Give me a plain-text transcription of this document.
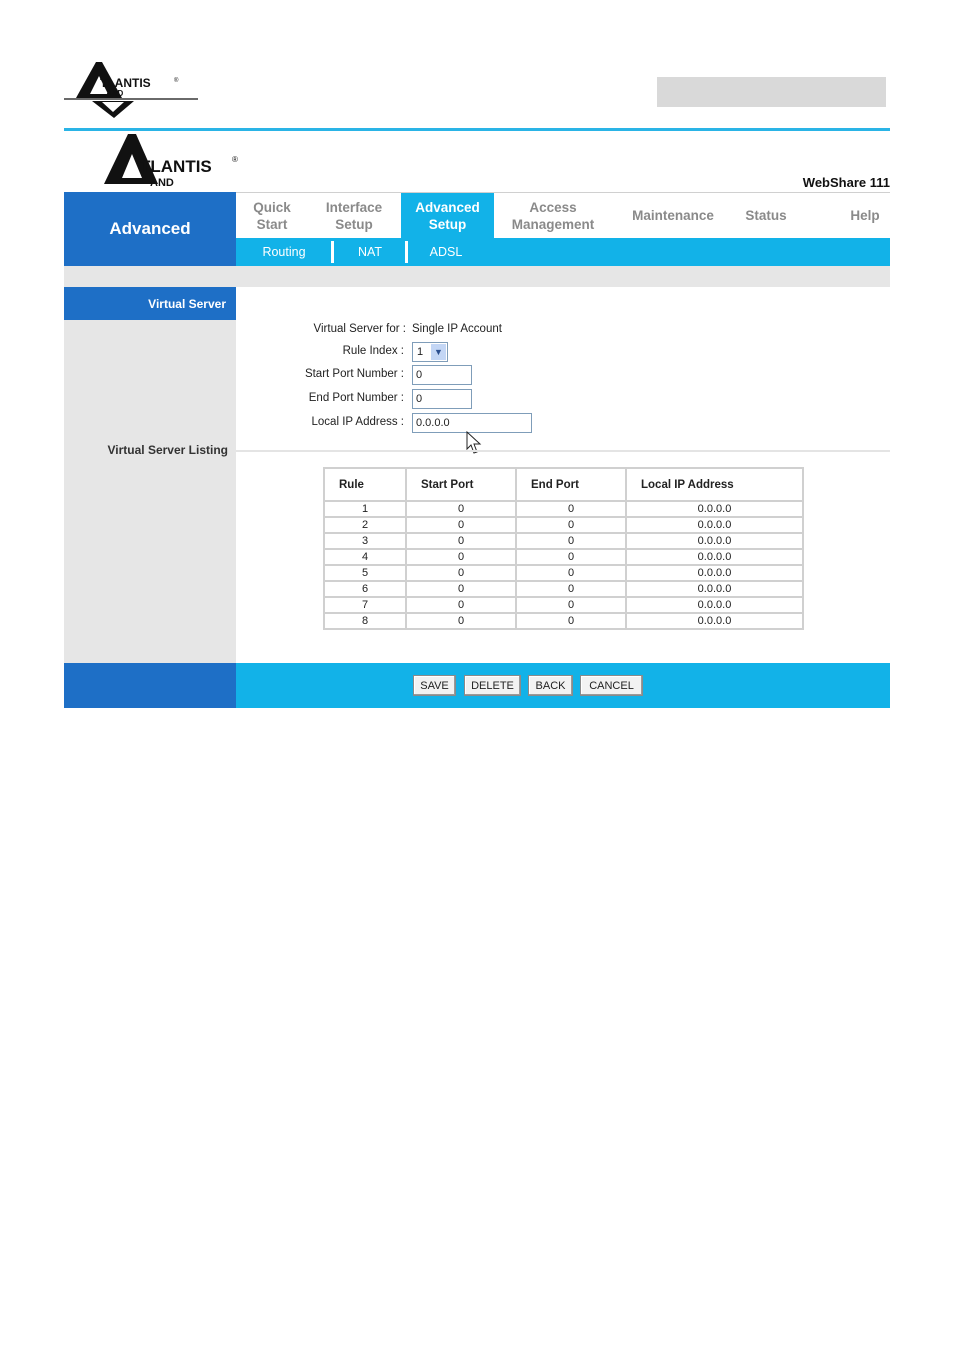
TLANTIS	®
AND
TLANTIS	®
AND	WebShare 111
Advanced
Quick
Start
Interface
Setup
Advanced
Setup
Access
Management
Maintenance	Status	Help
Routing	NAT	ADSL
Virtual Server
Virtual Server Listing
Virtual Server for : Single IP Account
Rule Index : 1	▼
Start Port Number :
0
End Port Number :
0
Local IP Address :
0.0.0.0
Rule	Start Port	End Port	Local IP Address
1	0	0	0.0.0.0
2	0	0	0.0.0.0
3	0	0	0.0.0.0
4	0	0	0.0.0.0
5	0	0	0.0.0.0
6	0	0	0.0.0.0
7	0	0	0.0.0.0
8	0	0	0.0.0.0
SAVE	DELETE	BACK	CANCEL
